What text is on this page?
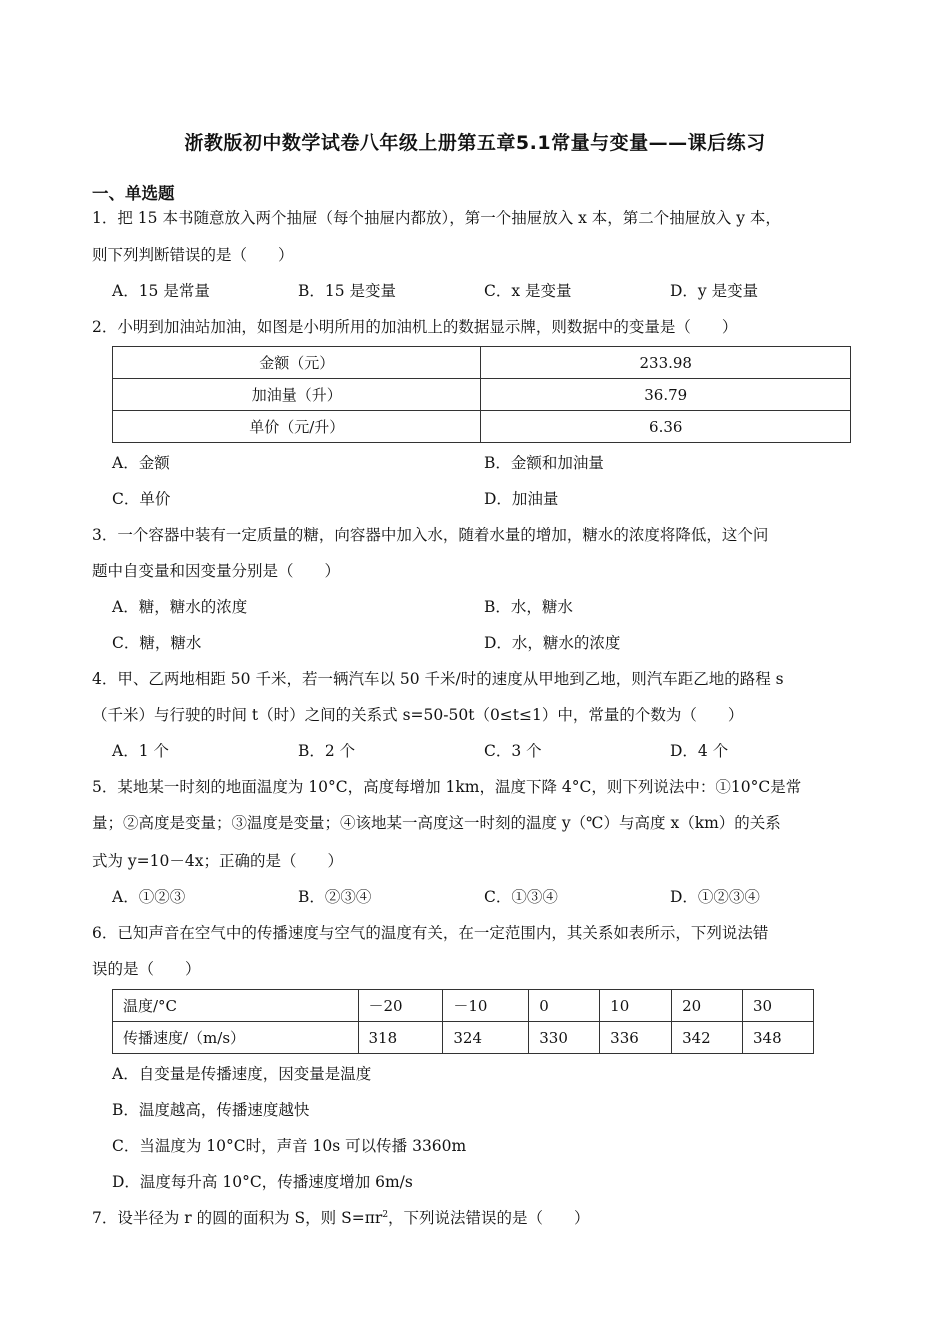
浙教版初中数学试卷八年级上册第五章5.1常量与变量——课后练习
一、单选题
1．把 15 本书随意放入两个抽屉（每个抽屉内都放），第一个抽屉放入 x 本，第二个抽屉放入 y 本，
则下列判断错误的是（　　）
A．15 是常量	B．15 是变量	C．x 是变量	D．y 是变量
2．小明到加油站加油，如图是小明所用的加油机上的数据显示牌，则数据中的变量是（　　）
金额（元）	233.98
加油量（升）	36.79
单价（元/升）	6.36
A．金额	B．金额和加油量
C．单价	D．加油量
3．一个容器中装有一定质量的糖，向容器中加入水，随着水量的增加，糖水的浓度将降低，这个问
题中自变量和因变量分别是（　　）
A．糖，糖水的浓度	B．水，糖水
C．糖，糖水	D．水，糖水的浓度
4．甲、乙两地相距 50 千米，若一辆汽车以 50 千米/时的速度从甲地到乙地，则汽车距乙地的路程 s
（千米）与行驶的时间 t（时）之间的关系式 s=50-50t（0≤t≤1）中，常量的个数为（　　）
A．1 个	B．2 个	C．3 个	D．4 个
5．某地某一时刻的地面温度为 10°C，高度每增加 1km，温度下降 4°C，则下列说法中：①10°C是常
量；②高度是变量；③温度是变量；④该地某一高度这一时刻的温度 y（℃）与高度 x（km）的关系
式为 y=10－4x；正确的是（　　）
A．①②③	B．②③④	C．①③④	D．①②③④
6．已知声音在空气中的传播速度与空气的温度有关，在一定范围内，其关系如表所示，下列说法错
误的是（　　）
温度/°C	－20	－10	0	10	20	30
传播速度/（m/s）	318	324	330	336	342	348
A．自变量是传播速度，因变量是温度
B．温度越高，传播速度越快
C．当温度为 10°C时，声音 10s 可以传播 3360m
D．温度每升高 10°C，传播速度增加 6m/s
7．设半径为 r 的圆的面积为 S，则 $S=\pi r^2$，下列说法错误的是（　　）
